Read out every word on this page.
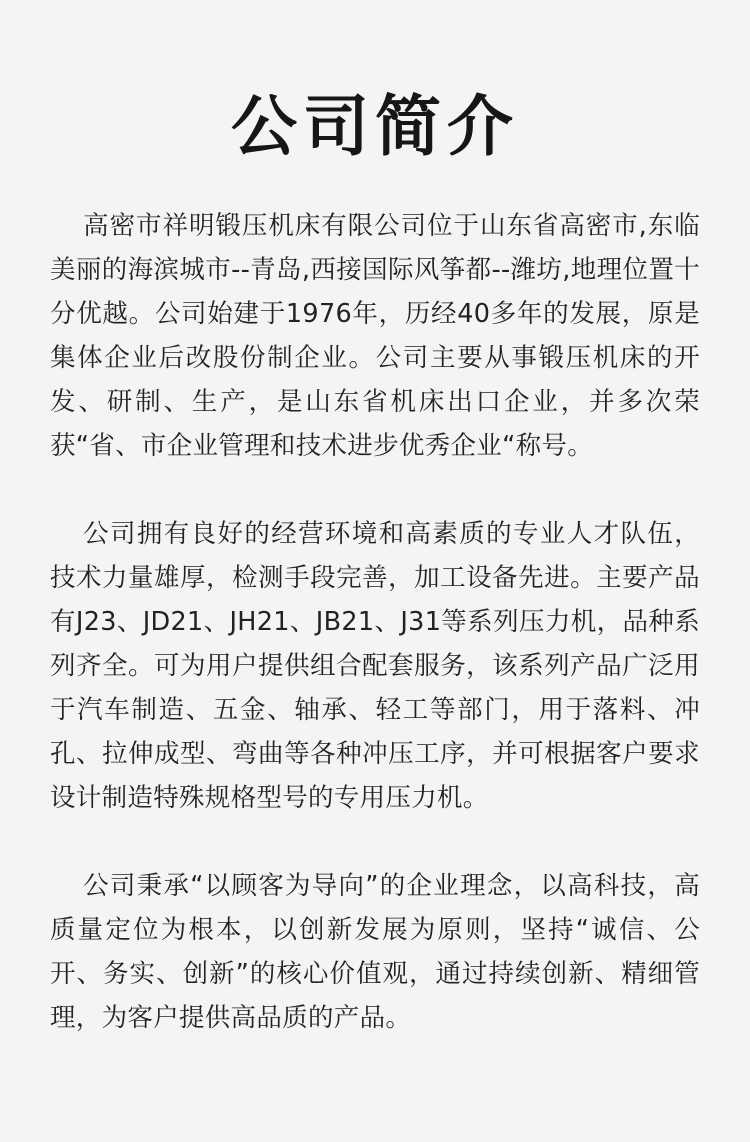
公司简介

高密市祥明锻压机床有限公司位于山东省高密市,东临美丽的海滨城市--青岛,西接国际风筝都--潍坊,地理位置十分优越。公司始建于1976年，历经40多年的发展，原是集体企业后改股份制企业。公司主要从事锻压机床的开发、研制、生产，是山东省机床出口企业，并多次荣获“省、市企业管理和技术进步优秀企业“称号。

公司拥有良好的经营环境和高素质的专业人才队伍，技术力量雄厚，检测手段完善，加工设备先进。主要产品有J23、JD21、JH21、JB21、J31等系列压力机，品种系列齐全。可为用户提供组合配套服务，该系列产品广泛用于汽车制造、五金、轴承、轻工等部门，用于落料、冲孔、拉伸成型、弯曲等各种冲压工序，并可根据客户要求设计制造特殊规格型号的专用压力机。

公司秉承“以顾客为导向”的企业理念，以高科技，高质量定位为根本，以创新发展为原则，坚持“诚信、公开、务实、创新”的核心价值观，通过持续创新、精细管理，为客户提供高品质的产品。
